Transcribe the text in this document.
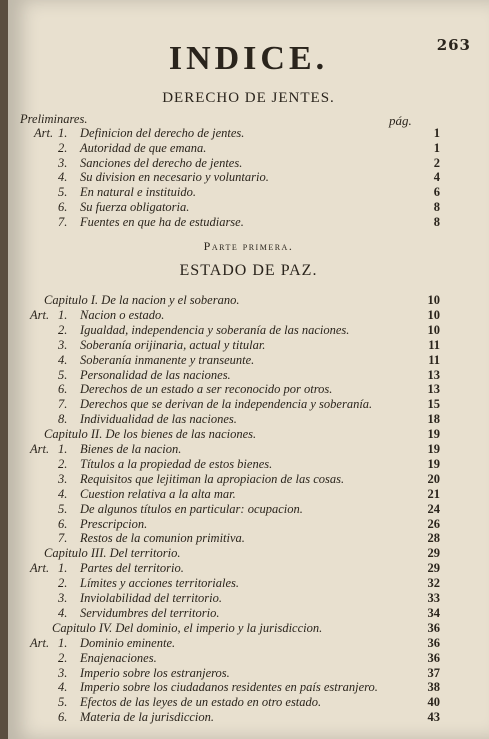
263
INDICE.
DERECHO DE JENTES.
pág.
Preliminares.
Art. 1. Definicion del derecho de jentes.	1
2. Autoridad de que emana.	1
3. Sanciones del derecho de jentes.	2
4. Su division en necesario y voluntario.	4
5. En natural e instituido.	6
6. Su fuerza obligatoria.	8
7. Fuentes en que ha de estudiarse.	8
Parte primera.
ESTADO DE PAZ.
Capitulo I. De la nacion y el soberano.	10
Art. 1. Nacion o estado.	10
2. Igualdad, independencia y soberanía de las naciones.	10
3. Soberanía orijinaria, actual y titular.	11
4. Soberanía inmanente y transeunte.	11
5. Personalidad de las naciones.	13
6. Derechos de un estado a ser reconocido por otros.	13
7. Derechos que se derivan de la independencia y soberanía.	15
8. Individualidad de las naciones.	18
Capitulo II. De los bienes de las naciones.	19
Art. 1. Bienes de la nacion.	19
2. Títulos a la propiedad de estos bienes.	19
3. Requisitos que lejitiman la apropiacion de las cosas.	20
4. Cuestion relativa a la alta mar.	21
5. De algunos títulos en particular: ocupacion.	24
6. Prescripcion.	26
7. Restos de la comunion primitiva.	28
Capitulo III. Del territorio.	29
Art. 1. Partes del territorio.	29
2. Límites y acciones territoriales.	32
3. Inviolabilidad del territorio.	33
4. Servidumbres del territorio.	34
Capitulo IV. Del dominio, el imperio y la jurisdiccion.	36
Art. 1. Dominio eminente.	36
2. Enajenaciones.	36
3. Imperio sobre los estranjeros.	37
4. Imperio sobre los ciudadanos residentes en país estranjero.	38
5. Efectos de las leyes de un estado en otro estado.	40
6. Materia de la jurisdiccion.	43
